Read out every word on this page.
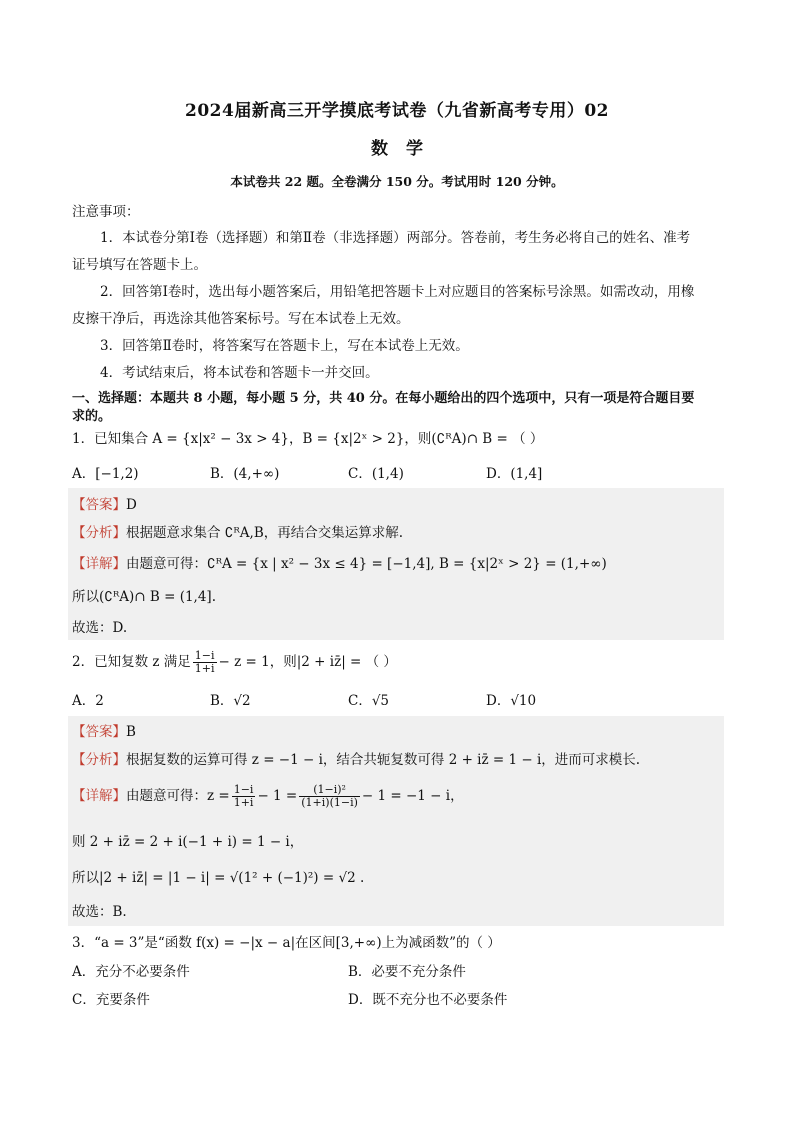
2024届新高三开学摸底考试卷（九省新高考专用）02
数学
本试卷共 22 题。全卷满分 150 分。考试用时 120 分钟。
注意事项：
1．本试卷分第Ⅰ卷（选择题）和第Ⅱ卷（非选择题）两部分。答卷前，考生务必将自己的姓名、准考
证号填写在答题卡上。
2．回答第Ⅰ卷时，选出每小题答案后，用铅笔把答题卡上对应题目的答案标号涂黑。如需改动，用橡
皮擦干净后，再选涂其他答案标号。写在本试卷上无效。
3．回答第Ⅱ卷时，将答案写在答题卡上，写在本试卷上无效。
4．考试结束后，将本试卷和答题卡一并交回。
一、选择题：本题共 8 小题，每小题 5 分，共 40 分。在每小题给出的四个选项中，只有一项是符合题目要
求的。
1．已知集合 A = {x|x² − 3x > 4}，B = {x|2ˣ > 2}，则(∁ᴿA)∩ B = （ ）
A．[−1,2)	B．(4,+∞)	C．(1,4)	D．(1,4]
【答案】D
【分析】根据题意求集合 ∁ᴿA,B，再结合交集运算求解.
【详解】由题意可得：∁ᴿA = {x | x² − 3x ≤ 4} = [−1,4], B = {x|2ˣ > 2} = (1,+∞)
所以(∁ᴿA)∩ B = (1,4].
故选：D.
2．已知复数 z 满足 $\frac{1-i}{1+i} - z = 1$，则|2 + iz̄| = （ ）
A．2	B．√2	C．√5	D．√10
【答案】B
【分析】根据复数的运算可得 z = −1 − i，结合共轭复数可得 2 + iz̄ = 1 − i，进而可求模长.
【详解】由题意可得：$z = \frac{1-i}{1+i} - 1 = \frac{\text{(1−i)²}}{(1+i)(1-i)} - 1 = -1 - i$，
则 2 + iz̄ = 2 + i(−1 + i) = 1 − i，
所以|2 + iz̄| = |1 − i| = √(1² + (−1)²) = √2 .
故选：B.
3．“a = 3”是“函数 f(x) = −|x − a|在区间[3,+∞)上为减函数”的（ ）
A．充分不必要条件	B．必要不充分条件
C．充要条件	D．既不充分也不必要条件
